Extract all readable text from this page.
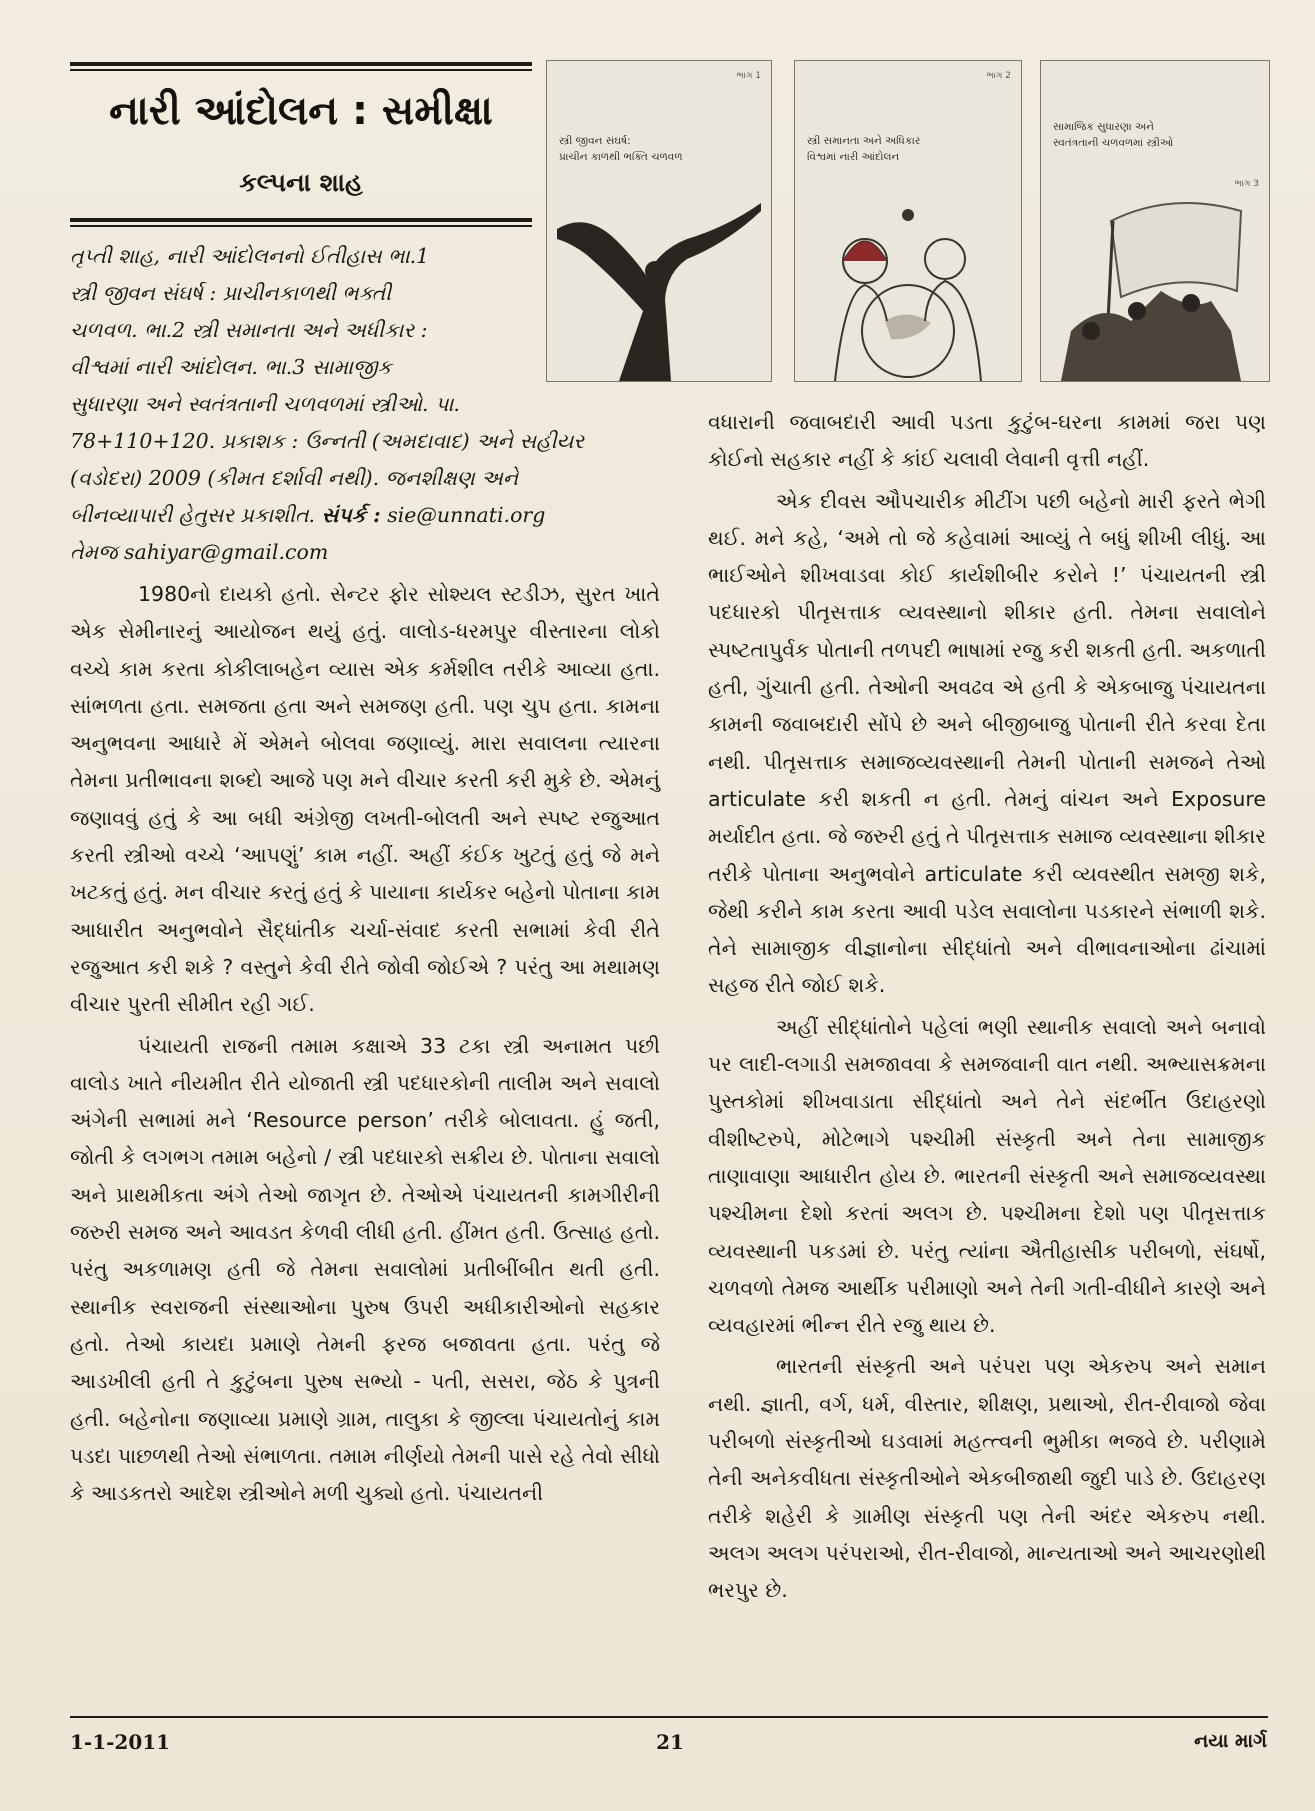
નારી આંદોલન : સમીક્ષા
કલ્પના શાહ
ભાગ 1
સ્ત્રી જીવન સંઘર્ષ:
પ્રાચીન કાળથી ભક્તિ ચળવળ
ભાગ 2
સ્ત્રી સમાનતા અને અધિકાર
વિશ્વમાં નારી આંદોલન
સામાજિક સુધારણા અને
સ્વતંત્રતાની ચળવળમાં સ્ત્રીઓ
ભાગ 3

તૃપ્તી શાહ, નારી આંદોલનનો ઈતીહાસ ભા.1

સ્ત્રી જીવન સંઘર્ષ : પ્રાચીનકાળથી ભક્તી

ચળવળ. ભા.2 સ્ત્રી સમાનતા અને અધીકાર :

વીશ્વમાં નારી આંદોલન. ભા.3 સામાજીક

સુધારણા અને સ્વતંત્રતાની ચળવળમાં સ્ત્રીઓ. પા.

78+110+120. પ્રકાશક : ઉન્નતી (અમદાવાદ) અને સહીયર

(વડોદરા) 2009 (કીમત દર્શાવી નથી). જનશીક્ષણ અને

બીનવ્યાપારી હેતુસર પ્રકાશીત. સંપર્ક : sie@unnati.org

તેમજ sahiyar@gmail.com

1980નો દાયકો હતો. સેન્ટર ફોર સોશ્યલ સ્ટડીઝ, સુરત ખાતે એક સેમીનારનું આયોજન થયું હતું. વાલોડ-ધરમપુર વીસ્તારના લોકો વચ્ચે કામ કરતા કોકીલાબહેન વ્યાસ એક કર્મશીલ તરીકે આવ્યા હતા. સાંભળતા હતા. સમજતા હતા અને સમજણ હતી. પણ ચુપ હતા. કામના અનુભવના આધારે મેં એમને બોલવા જણાવ્યું. મારા સવાલના ત્યારના તેમના પ્રતીભાવના શબ્દો આજે પણ મને વીચાર કરતી કરી મુકે છે. એમનું જણાવવું હતું કે આ બધી અંગ્રેજી લખતી-બોલતી અને સ્પષ્ટ રજુઆત કરતી સ્ત્રીઓ વચ્ચે ‘આપણું’ કામ નહીં. અહીં કંઈક ખુટતું હતું જે મને ખટકતું હતું. મન વીચાર કરતું હતું કે પાયાના કાર્યકર બહેનો પોતાના કામ આધારીત અનુભવોને સૈદ્ધાંતીક ચર્ચા-સંવાદ કરતી સભામાં કેવી રીતે રજુઆત કરી શકે ? વસ્તુને કેવી રીતે જોવી જોઈએ ? પરંતુ આ મથામણ વીચાર પુરતી સીમીત રહી ગઈ.

પંચાયતી રાજની તમામ કક્ષાએ 33 ટકા સ્ત્રી અનામત પછી વાલોડ ખાતે નીયમીત રીતે યોજાતી સ્ત્રી પદધારકોની તાલીમ અને સવાલો અંગેની સભામાં મને ‘Resource person’ તરીકે બોલાવતા. હું જતી, જોતી કે લગભગ તમામ બહેનો / સ્ત્રી પદધારકો સક્રીય છે. પોતાના સવાલો અને પ્રાથમીકતા અંગે તેઓ જાગૃત છે. તેઓએ પંચાયતની કામગીરીની જરુરી સમજ અને આવડત કેળવી લીધી હતી. હીંમત હતી. ઉત્સાહ હતો. પરંતુ અકળામણ હતી જે તેમના સવાલોમાં પ્રતીબીંબીત થતી હતી. સ્થાનીક સ્વરાજની સંસ્થાઓના પુરુષ ઉપરી અધીકારીઓનો સહકાર હતો. તેઓ કાયદા પ્રમાણે તેમની ફરજ બજાવતા હતા. પરંતુ જે આડખીલી હતી તે કુટુંબના પુરુષ સભ્યો - પતી, સસરા, જેઠ કે પુત્રની હતી. બહેનોના જણાવ્યા પ્રમાણે ગ્રામ, તાલુકા કે જીલ્લા પંચાયતોનું કામ પડદા પાછળથી તેઓ સંભાળતા. તમામ નીર્ણયો તેમની પાસે રહે તેવો સીધો કે આડકતરો આદેશ સ્ત્રીઓને મળી ચુક્યો હતો. પંચાયતની

વધારાની જવાબદારી આવી પડતા કુટુંબ-ઘરના કામમાં જરા પણ કોઈનો સહકાર નહીં કે કાંઈ ચલાવી લેવાની વૃત્તી નહીં.

એક દીવસ ઔપચારીક મીટીંગ પછી બહેનો મારી ફરતે ભેગી થઈ. મને કહે, ‘અમે તો જે કહેવામાં આવ્યું તે બધું શીખી લીધું. આ ભાઈઓને શીખવાડવા કોઈ કાર્યશીબીર કરોને !’ પંચાયતની સ્ત્રી પદધારકો પીતૃસત્તાક વ્યવસ્થાનો શીકાર હતી. તેમના સવાલોને સ્પષ્ટતાપુર્વક પોતાની તળપદી ભાષામાં રજુ કરી શકતી હતી. અકળાતી હતી, ગુંચાતી હતી. તેઓની અવઢવ એ હતી કે એકબાજુ પંચાયતના કામની જવાબદારી સોંપે છે અને બીજીબાજુ પોતાની રીતે કરવા દેતા નથી. પીતૃસત્તાક સમાજવ્યવસ્થાની તેમની પોતાની સમજને તેઓ articulate કરી શકતી ન હતી. તેમનું વાંચન અને Exposure મર્યાદીત હતા. જે જરુરી હતું તે પીતૃસત્તાક સમાજ વ્યવસ્થાના શીકાર તરીકે પોતાના અનુભવોને articulate કરી વ્યવસ્થીત સમજી શકે, જેથી કરીને કામ કરતા આવી પડેલ સવાલોના પડકારને સંભાળી શકે. તેને સામાજીક વીજ્ઞાનોના સીદ્ધાંતો અને વીભાવનાઓના ઢાંચામાં સહજ રીતે જોઈ શકે.

અહીં સીદ્ધાંતોને પહેલાં ભણી સ્થાનીક સવાલો અને બનાવો પર લાદી-લગાડી સમજાવવા કે સમજવાની વાત નથી. અભ્યાસક્રમના પુસ્તકોમાં શીખવાડાતા સીદ્ધાંતો અને તેને સંદર્ભીત ઉદાહરણો વીશીષ્ટરુપે, મોટેભાગે પશ્ચીમી સંસ્કૃતી અને તેના સામાજીક તાણાવાણા આધારીત હોય છે. ભારતની સંસ્કૃતી અને સમાજવ્યવસ્થા પશ્ચીમના દેશો કરતાં અલગ છે. પશ્ચીમના દેશો પણ પીતૃસત્તાક વ્યવસ્થાની પકડમાં છે. પરંતુ ત્યાંના ઐતીહાસીક પરીબળો, સંઘર્ષો, ચળવળો તેમજ આર્થીક પરીમાણો અને તેની ગતી-વીધીને કારણે અને વ્યવહારમાં ભીન્ન રીતે રજુ થાય છે.

ભારતની સંસ્કૃતી અને પરંપરા પણ એકરુપ અને સમાન નથી. જ્ઞાતી, વર્ગ, ધર્મ, વીસ્તાર, શીક્ષણ, પ્રથાઓ, રીત-રીવાજો જેવા પરીબળો સંસ્કૃતીઓ ઘડવામાં મહત્ત્વની ભુમીકા ભજવે છે. પરીણામે તેની અનેકવીધતા સંસ્કૃતીઓને એકબીજાથી જુદી પાડે છે. ઉદાહરણ તરીકે શહેરી કે ગ્રામીણ સંસ્કૃતી પણ તેની અંદર એકરુપ નથી. અલગ અલગ પરંપરાઓ, રીત-રીવાજો, માન્યતાઓ અને આચરણોથી ભરપુર છે.

1-1-2011	21	નયા માર્ગ
